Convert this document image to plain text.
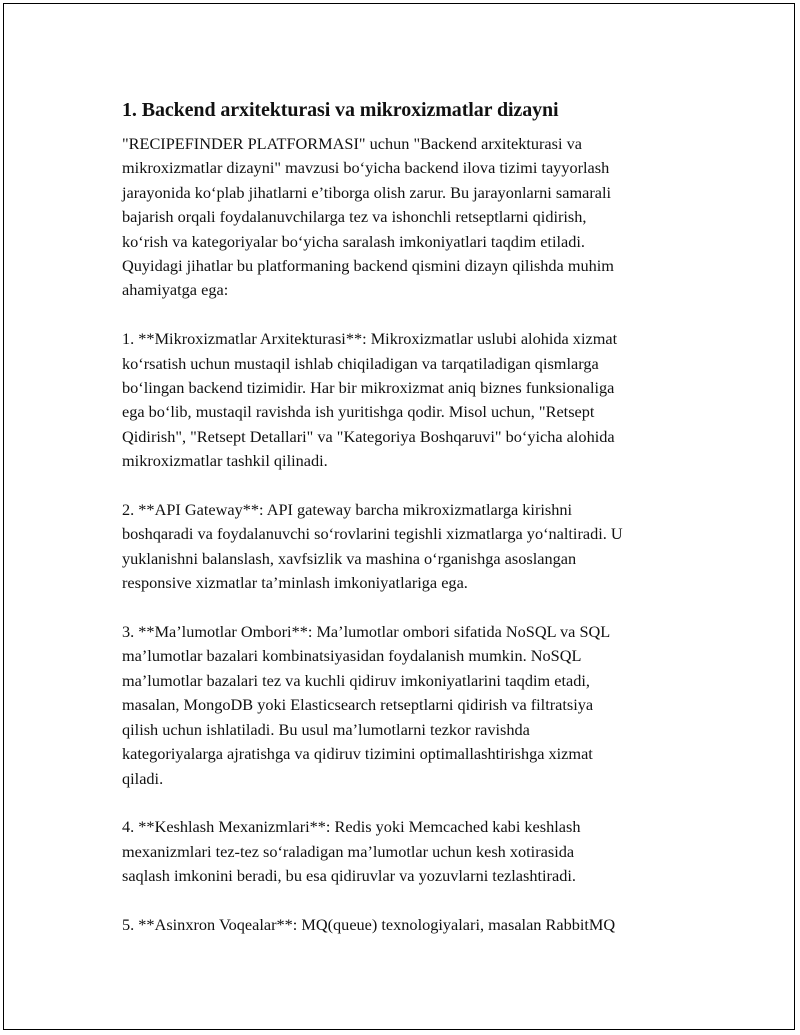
1. Backend arxitekturasi va mikroxizmatlar dizayni

"RECIPEFINDER PLATFORMASI" uchun "Backend arxitekturasi va
mikroxizmatlar dizayni" mavzusi bo‘yicha backend ilova tizimi tayyorlash
jarayonida ko‘plab jihatlarni e’tiborga olish zarur. Bu jarayonlarni samarali
bajarish orqali foydalanuvchilarga tez va ishonchli retseptlarni qidirish,
ko‘rish va kategoriyalar bo‘yicha saralash imkoniyatlari taqdim etiladi.
Quyidagi jihatlar bu platformaning backend qismini dizayn qilishda muhim
ahamiyatga ega:

1. **Mikroxizmatlar Arxitekturasi**: Mikroxizmatlar uslubi alohida xizmat
ko‘rsatish uchun mustaqil ishlab chiqiladigan va tarqatiladigan qismlarga
bo‘lingan backend tizimidir. Har bir mikroxizmat aniq biznes funksionaliga
ega bo‘lib, mustaqil ravishda ish yuritishga qodir. Misol uchun, "Retsept
Qidirish", "Retsept Detallari" va "Kategoriya Boshqaruvi" bo‘yicha alohida
mikroxizmatlar tashkil qilinadi.

2. **API Gateway**: API gateway barcha mikroxizmatlarga kirishni
boshqaradi va foydalanuvchi so‘rovlarini tegishli xizmatlarga yo‘naltiradi. U
yuklanishni balanslash, xavfsizlik va mashina o‘rganishga asoslangan
responsive xizmatlar ta’minlash imkoniyatlariga ega.

3. **Ma’lumotlar Ombori**: Ma’lumotlar ombori sifatida NoSQL va SQL
ma’lumotlar bazalari kombinatsiyasidan foydalanish mumkin. NoSQL
ma’lumotlar bazalari tez va kuchli qidiruv imkoniyatlarini taqdim etadi,
masalan, MongoDB yoki Elasticsearch retseptlarni qidirish va filtratsiya
qilish uchun ishlatiladi. Bu usul ma’lumotlarni tezkor ravishda
kategoriyalarga ajratishga va qidiruv tizimini optimallashtirishga xizmat
qiladi.

4. **Keshlash Mexanizmlari**: Redis yoki Memcached kabi keshlash
mexanizmlari tez-tez so‘raladigan ma’lumotlar uchun kesh xotirasida
saqlash imkonini beradi, bu esa qidiruvlar va yozuvlarni tezlashtiradi.

5. **Asinxron Voqealar**: MQ(queue) texnologiyalari, masalan RabbitMQ
